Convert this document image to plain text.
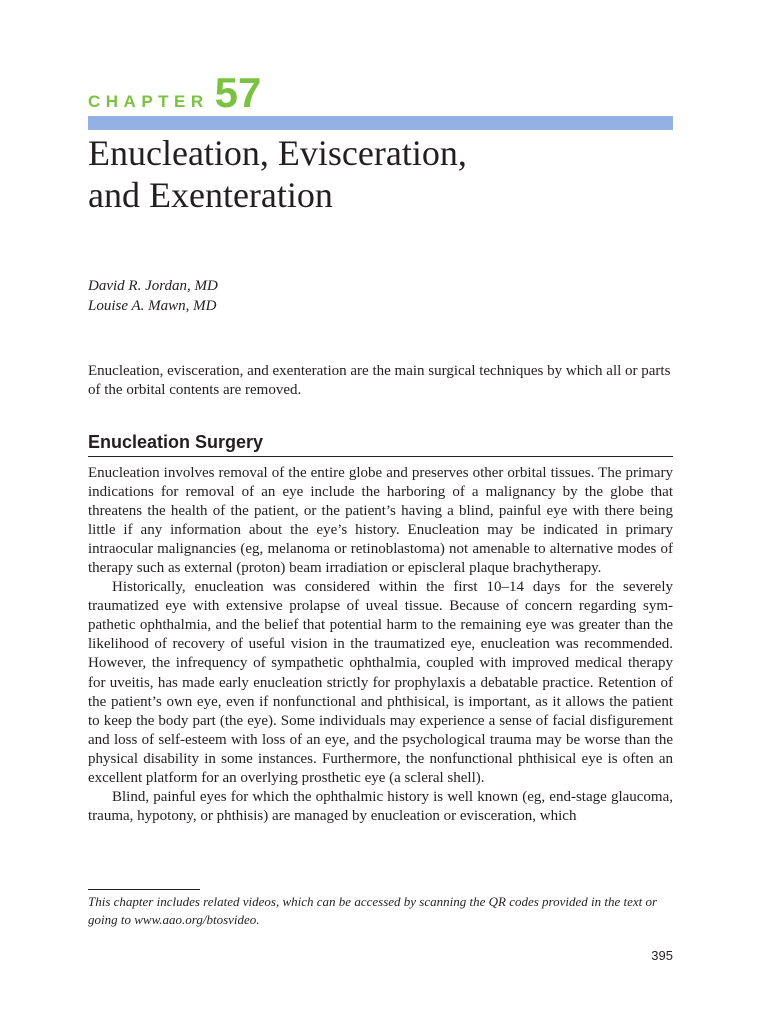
CHAPTER 57
Enucleation, Evisceration,
and Exenteration
David R. Jordan, MD
Louise A. Mawn, MD

Enucleation, evisceration, and exenteration are the main surgical techniques by which all or parts of the orbital contents are removed.

Enucleation Surgery

Enucleation involves removal of the entire globe and preserves other orbital tissues. The primary indications for removal of an eye include the harboring of a malignancy by the globe that threatens the health of the patient, or the patient’s having a blind, painful eye with there being little if any information about the eye’s history. Enucleation may be indicated in primary intraocular malignancies (eg, melanoma or retinoblastoma) not amenable to alternative modes of therapy such as external (proton) beam irradiation or episcleral plaque brachytherapy.

Historically, enucleation was considered within the first 10–14 days for the severely traumatized eye with extensive prolapse of uveal tissue. Because of concern regarding sympathetic ophthalmia, and the belief that potential harm to the remaining eye was greater than the likelihood of recovery of useful vision in the traumatized eye, enucleation was recommended. However, the infrequency of sympathetic ophthalmia, coupled with improved medical therapy for uveitis, has made early enucleation strictly for prophylaxis a debatable practice. Retention of the patient’s own eye, even if nonfunctional and phthisical, is important, as it allows the patient to keep the body part (the eye). Some individuals may experience a sense of facial disfigurement and loss of self-esteem with loss of an eye, and the psychological trauma may be worse than the physical disability in some instances. Furthermore, the nonfunctional phthisical eye is often an excellent platform for an overlying prosthetic eye (a scleral shell).

Blind, painful eyes for which the ophthalmic history is well known (eg, end-stage glaucoma, trauma, hypotony, or phthisis) are managed by enucleation or evisceration, which

This chapter includes related videos, which can be accessed by scanning the QR codes provided in the text or going to www.aao.org/btosvideo.

395
